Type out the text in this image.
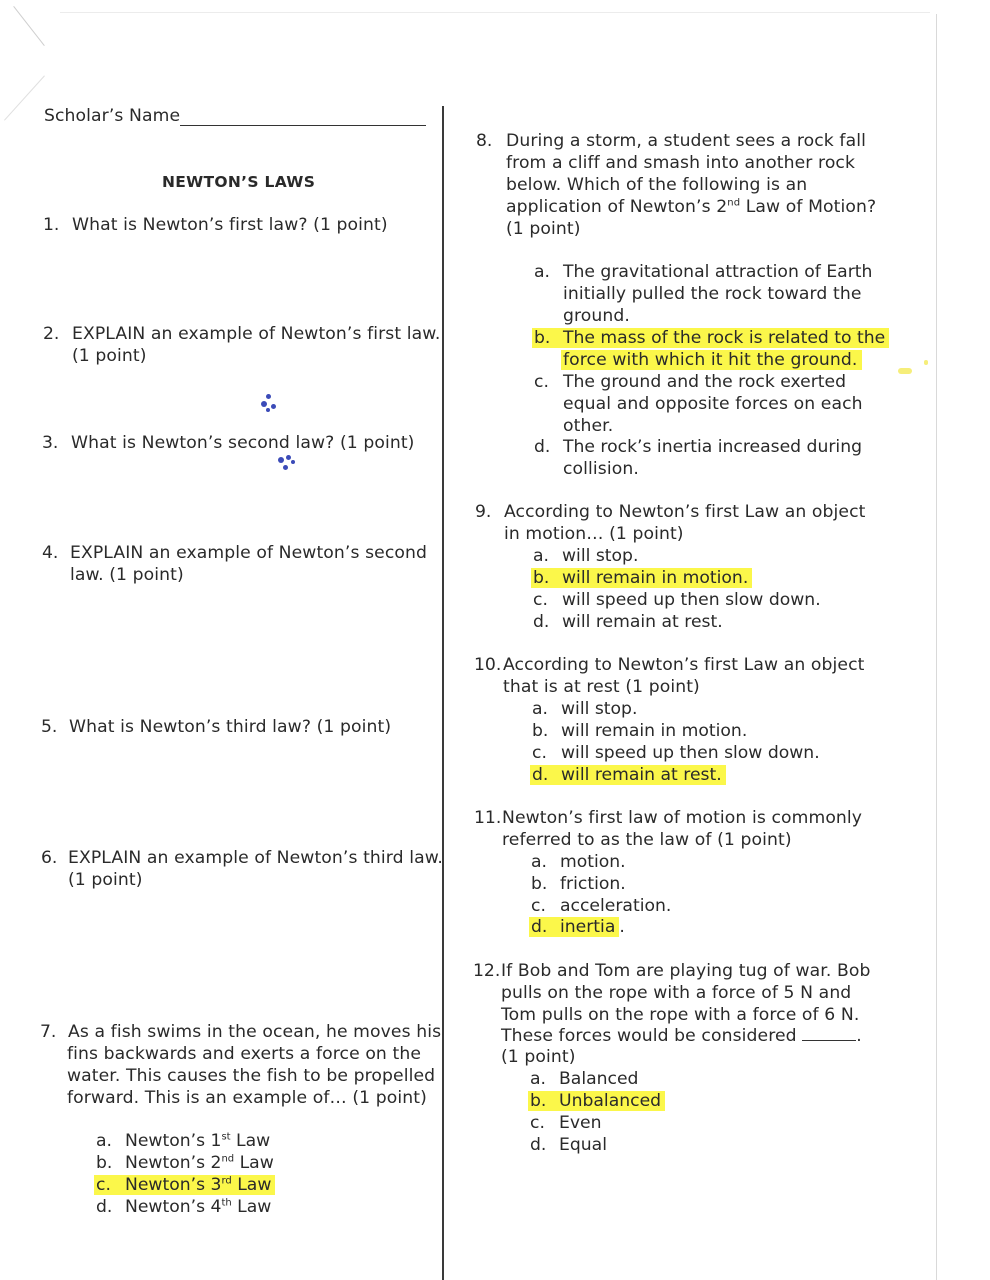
Scholar’s Name
NEWTON’S LAWS
1. What is Newton’s first law? (1 point)
2. EXPLAIN an example of Newton’s first law.
(1 point)
3. What is Newton’s second law? (1 point)
4. EXPLAIN an example of Newton’s second
law. (1 point)
5. What is Newton’s third law? (1 point)
6. EXPLAIN an example of Newton’s third law.
(1 point)
7. As a fish swims in the ocean, he moves his
fins backwards and exerts a force on the
water. This causes the fish to be propelled
forward. This is an example of… (1 point)
a. Newton’s 1st Law
b. Newton’s 2nd Law
c. Newton’s 3rd Law
d. Newton’s 4th Law
8. During a storm, a student sees a rock fall
from a cliff and smash into another rock
below. Which of the following is an
application of Newton’s 2nd Law of Motion?
(1 point)
a. The gravitational attraction of Earth
initially pulled the rock toward the
ground.
b. The mass of the rock is related to the
force with which it hit the ground.
c. The ground and the rock exerted
equal and opposite forces on each
other.
d. The rock’s inertia increased during
collision.
9. According to Newton’s first Law an object
in motion… (1 point)
a. will stop.
b. will remain in motion.
c. will speed up then slow down.
d. will remain at rest.
10. According to Newton’s first Law an object
that is at rest (1 point)
a. will stop.
b. will remain in motion.
c. will speed up then slow down.
d. will remain at rest.
11. Newton’s first law of motion is commonly
referred to as the law of (1 point)
a. motion.
b. friction.
c. acceleration.
d. inertia .
12. If Bob and Tom are playing tug of war. Bob
pulls on the rope with a force of 5 N and
Tom pulls on the rope with a force of 6 N.
These forces would be considered	.
(1 point)
a. Balanced
b. Unbalanced
c. Even
d. Equal
